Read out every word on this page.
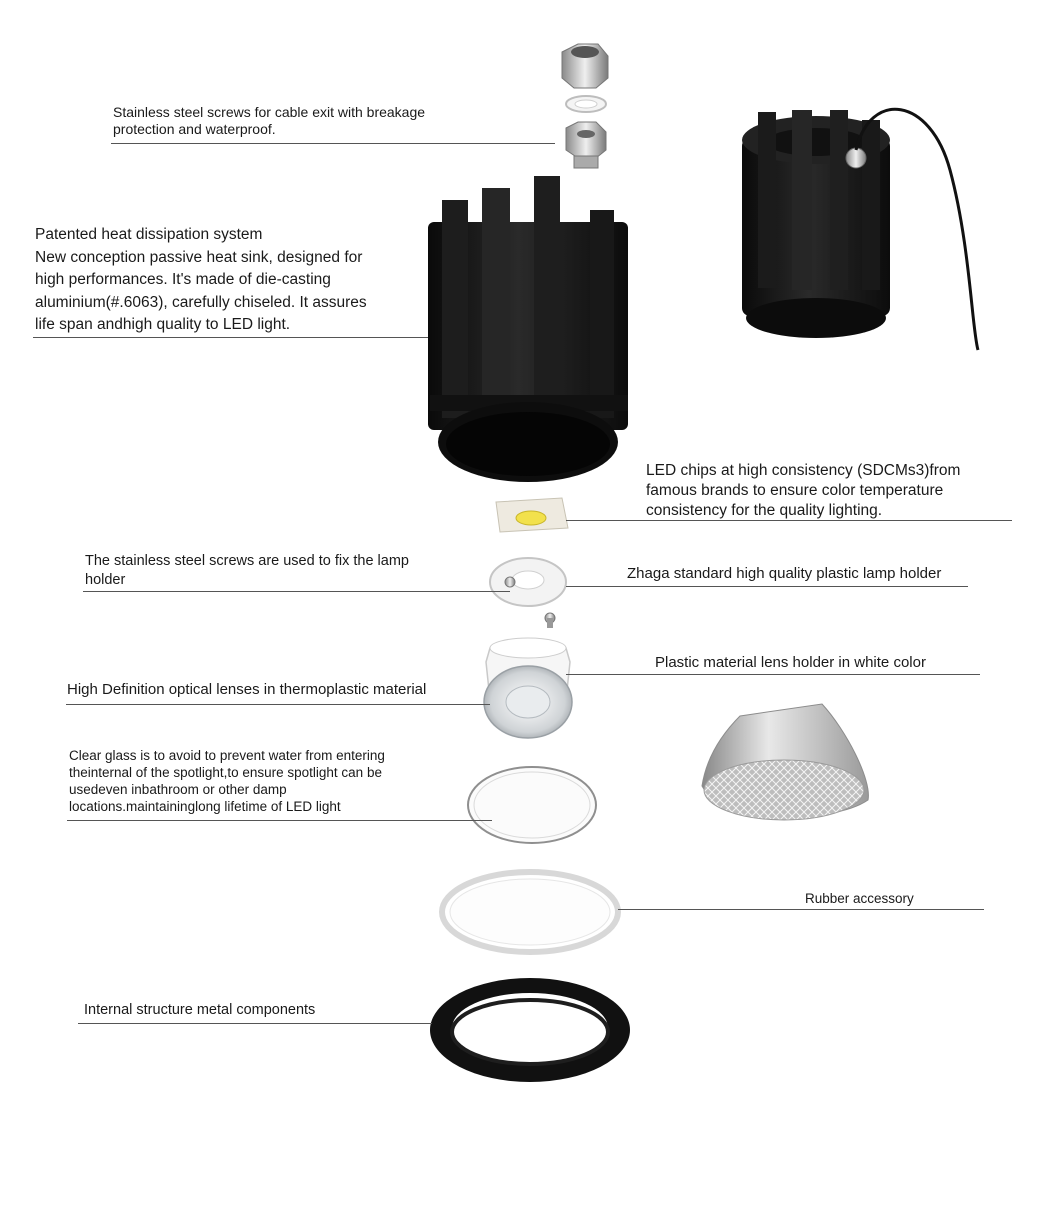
Stainless steel screws for cable exit with breakage
protection and waterproof.
Patented heat dissipation system
New conception passive heat sink, designed for
high performances. It's made of die-casting
aluminium(#.6063), carefully chiseled. It assures
life span andhigh quality to LED light.
LED chips at high consistency (SDCMs3)from
famous brands to ensure color temperature
consistency for the quality lighting.
The stainless steel screws are used to fix the lamp
holder	Zhaga standard high quality plastic lamp holder
Plastic material lens holder in white color
High Definition optical lenses in thermoplastic material
Clear glass is to avoid to prevent water from entering
theinternal of the spotlight,to ensure spotlight can be
usedeven inbathroom or other damp
locations.maintaininglong lifetime of LED light
Rubber accessory
Internal structure metal components
